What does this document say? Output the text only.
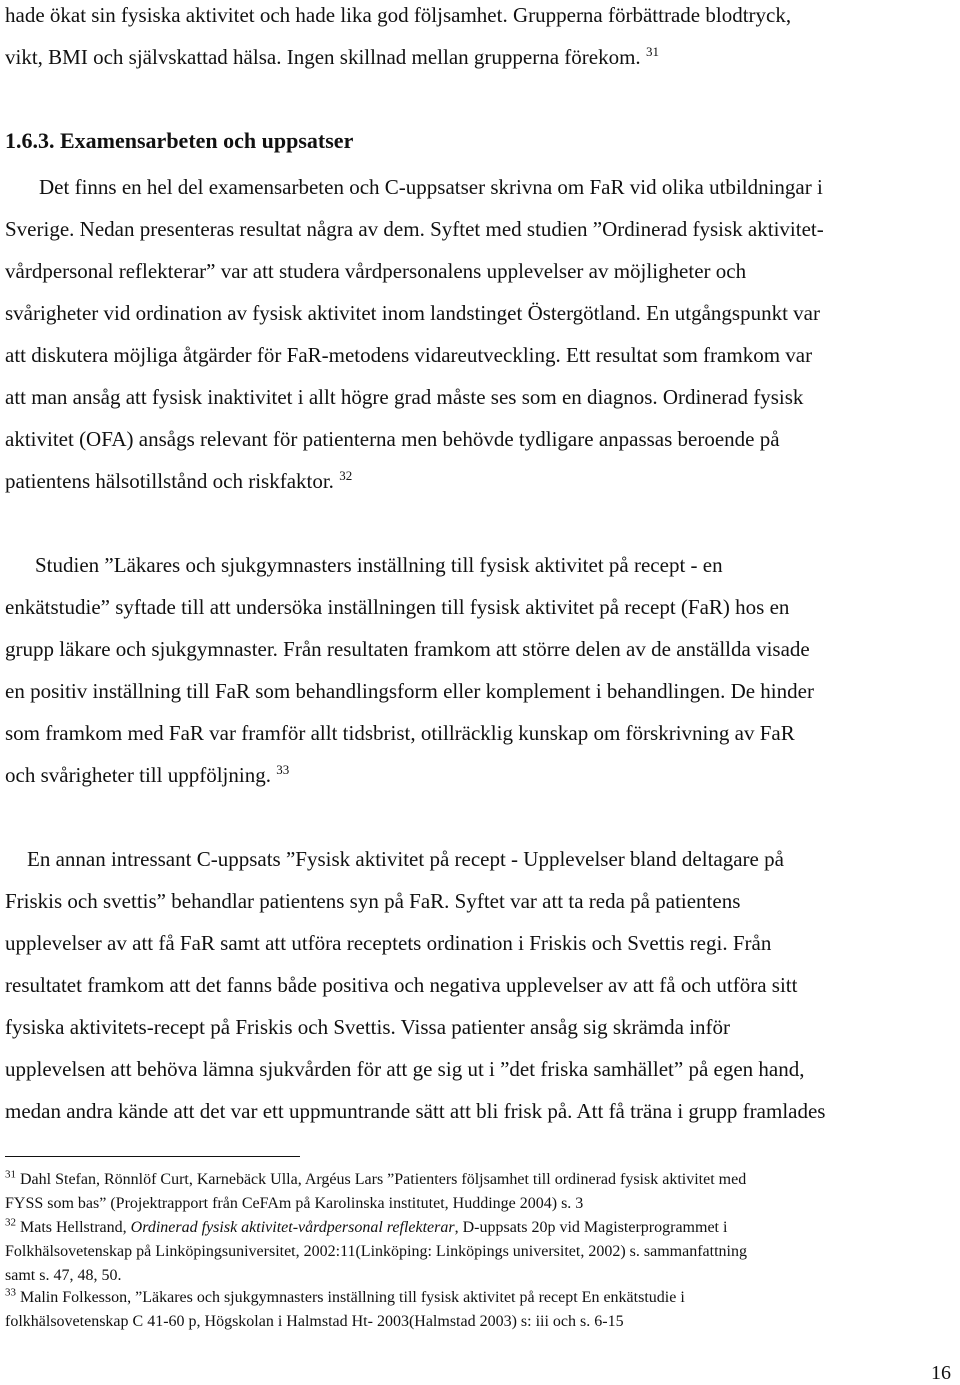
hade ökat sin fysiska aktivitet och hade lika god följsamhet. Grupperna förbättrade blodtryck,
vikt, BMI och självskattad hälsa. Ingen skillnad mellan grupperna förekom. $^{31}$
1.6.3. Examensarbeten och uppsatser
Det finns en hel del examensarbeten och C-uppsatser skrivna om FaR vid olika utbildningar i
Sverige. Nedan presenteras resultat några av dem. Syftet med studien ”Ordinerad fysisk aktivitet-
vårdpersonal reflekterar” var att studera vårdpersonalens upplevelser av möjligheter och
svårigheter vid ordination av fysisk aktivitet inom landstinget Östergötland. En utgångspunkt var
att diskutera möjliga åtgärder för FaR-metodens vidareutveckling. Ett resultat som framkom var
att man ansåg att fysisk inaktivitet i allt högre grad måste ses som en diagnos. Ordinerad fysisk
aktivitet (OFA) ansågs relevant för patienterna men behövde tydligare anpassas beroende på
patientens hälsotillstånd och riskfaktor. $^{32}$
Studien ”Läkares och sjukgymnasters inställning till fysisk aktivitet på recept - en
enkätstudie” syftade till att undersöka inställningen till fysisk aktivitet på recept (FaR) hos en
grupp läkare och sjukgymnaster. Från resultaten framkom att större delen av de anställda visade
en positiv inställning till FaR som behandlingsform eller komplement i behandlingen. De hinder
som framkom med FaR var framför allt tidsbrist, otillräcklig kunskap om förskrivning av FaR
och svårigheter till uppföljning. $^{33}$
En annan intressant C-uppsats ”Fysisk aktivitet på recept - Upplevelser bland deltagare på
Friskis och svettis” behandlar patientens syn på FaR. Syftet var att ta reda på patientens
upplevelser av att få FaR samt att utföra receptets ordination i Friskis och Svettis regi. Från
resultatet framkom att det fanns både positiva och negativa upplevelser av att få och utföra sitt
fysiska aktivitets-recept på Friskis och Svettis. Vissa patienter ansåg sig skrämda inför
upplevelsen att behöva lämna sjukvården för att ge sig ut i ”det friska samhället” på egen hand,
medan andra kände att det var ett uppmuntrande sätt att bli frisk på. Att få träna i grupp framlades
$^{31}$ Dahl Stefan, Rönnlöf Curt, Karnebäck Ulla, Argéus Lars ”Patienters följsamhet till ordinerad fysisk aktivitet med
FYSS som bas” (Projektrapport från CeFAm på Karolinska institutet, Huddinge 2004) s. 3
$^{32}$ Mats Hellstrand, Ordinerad fysisk aktivitet-vårdpersonal reflekterar, D-uppsats 20p vid Magisterprogrammet i
Folkhälsovetenskap på Linköpingsuniversitet, 2002:11(Linköping: Linköpings universitet, 2002) s. sammanfattning
samt s. 47, 48, 50.
$^{33}$ Malin Folkesson, ”Läkares och sjukgymnasters inställning till fysisk aktivitet på recept En enkätstudie i
folkhälsovetenskap C 41-60 p, Högskolan i Halmstad Ht- 2003(Halmstad 2003) s: iii och s. 6-15
16
